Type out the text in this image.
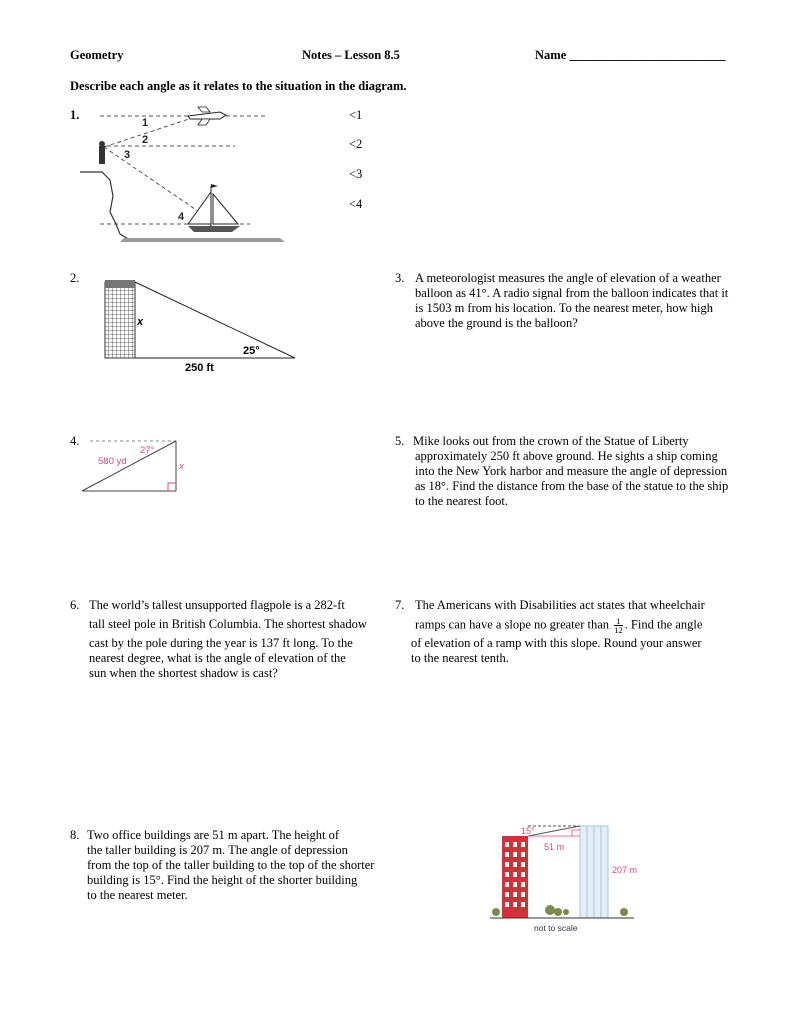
Geometry	Notes – Lesson 8.5	Name _________________________
Describe each angle as it relates to the situation in the diagram.
1.	<1
<2
<3
<4
1
2
3
4
2.
x
25°
250 ft
3. A meteorologist measures the angle of elevation of a weather
balloon as 41°. A radio signal from the balloon indicates that it
is 1503 m from his location. To the nearest meter, how high
above the ground is the balloon?
4.
580 yd
27°
x
5. Mike looks out from the crown of the Statue of Liberty
approximately 250 ft above ground. He sights a ship coming
into the New York harbor and measure the angle of depression
as 18°. Find the distance from the base of the statue to the ship
to the nearest foot.
6. The world’s tallest unsupported flagpole is a 282-ft
tall steel pole in British Columbia. The shortest shadow
cast by the pole during the year is 137 ft long. To the
nearest degree, what is the angle of elevation of the
sun when the shortest shadow is cast?
7. The Americans with Disabilities act states that wheelchair
ramps can have a slope no greater than $\frac{1}{12}$ . Find the angle
of elevation of a ramp with this slope. Round your answer
to the nearest tenth.
8. Two office buildings are 51 m apart. The height of
the taller building is 207 m. The angle of depression
from the top of the taller building to the top of the shorter
building is 15°. Find the height of the shorter building
to the nearest meter.
15°
51 m
207 m
not to scale
